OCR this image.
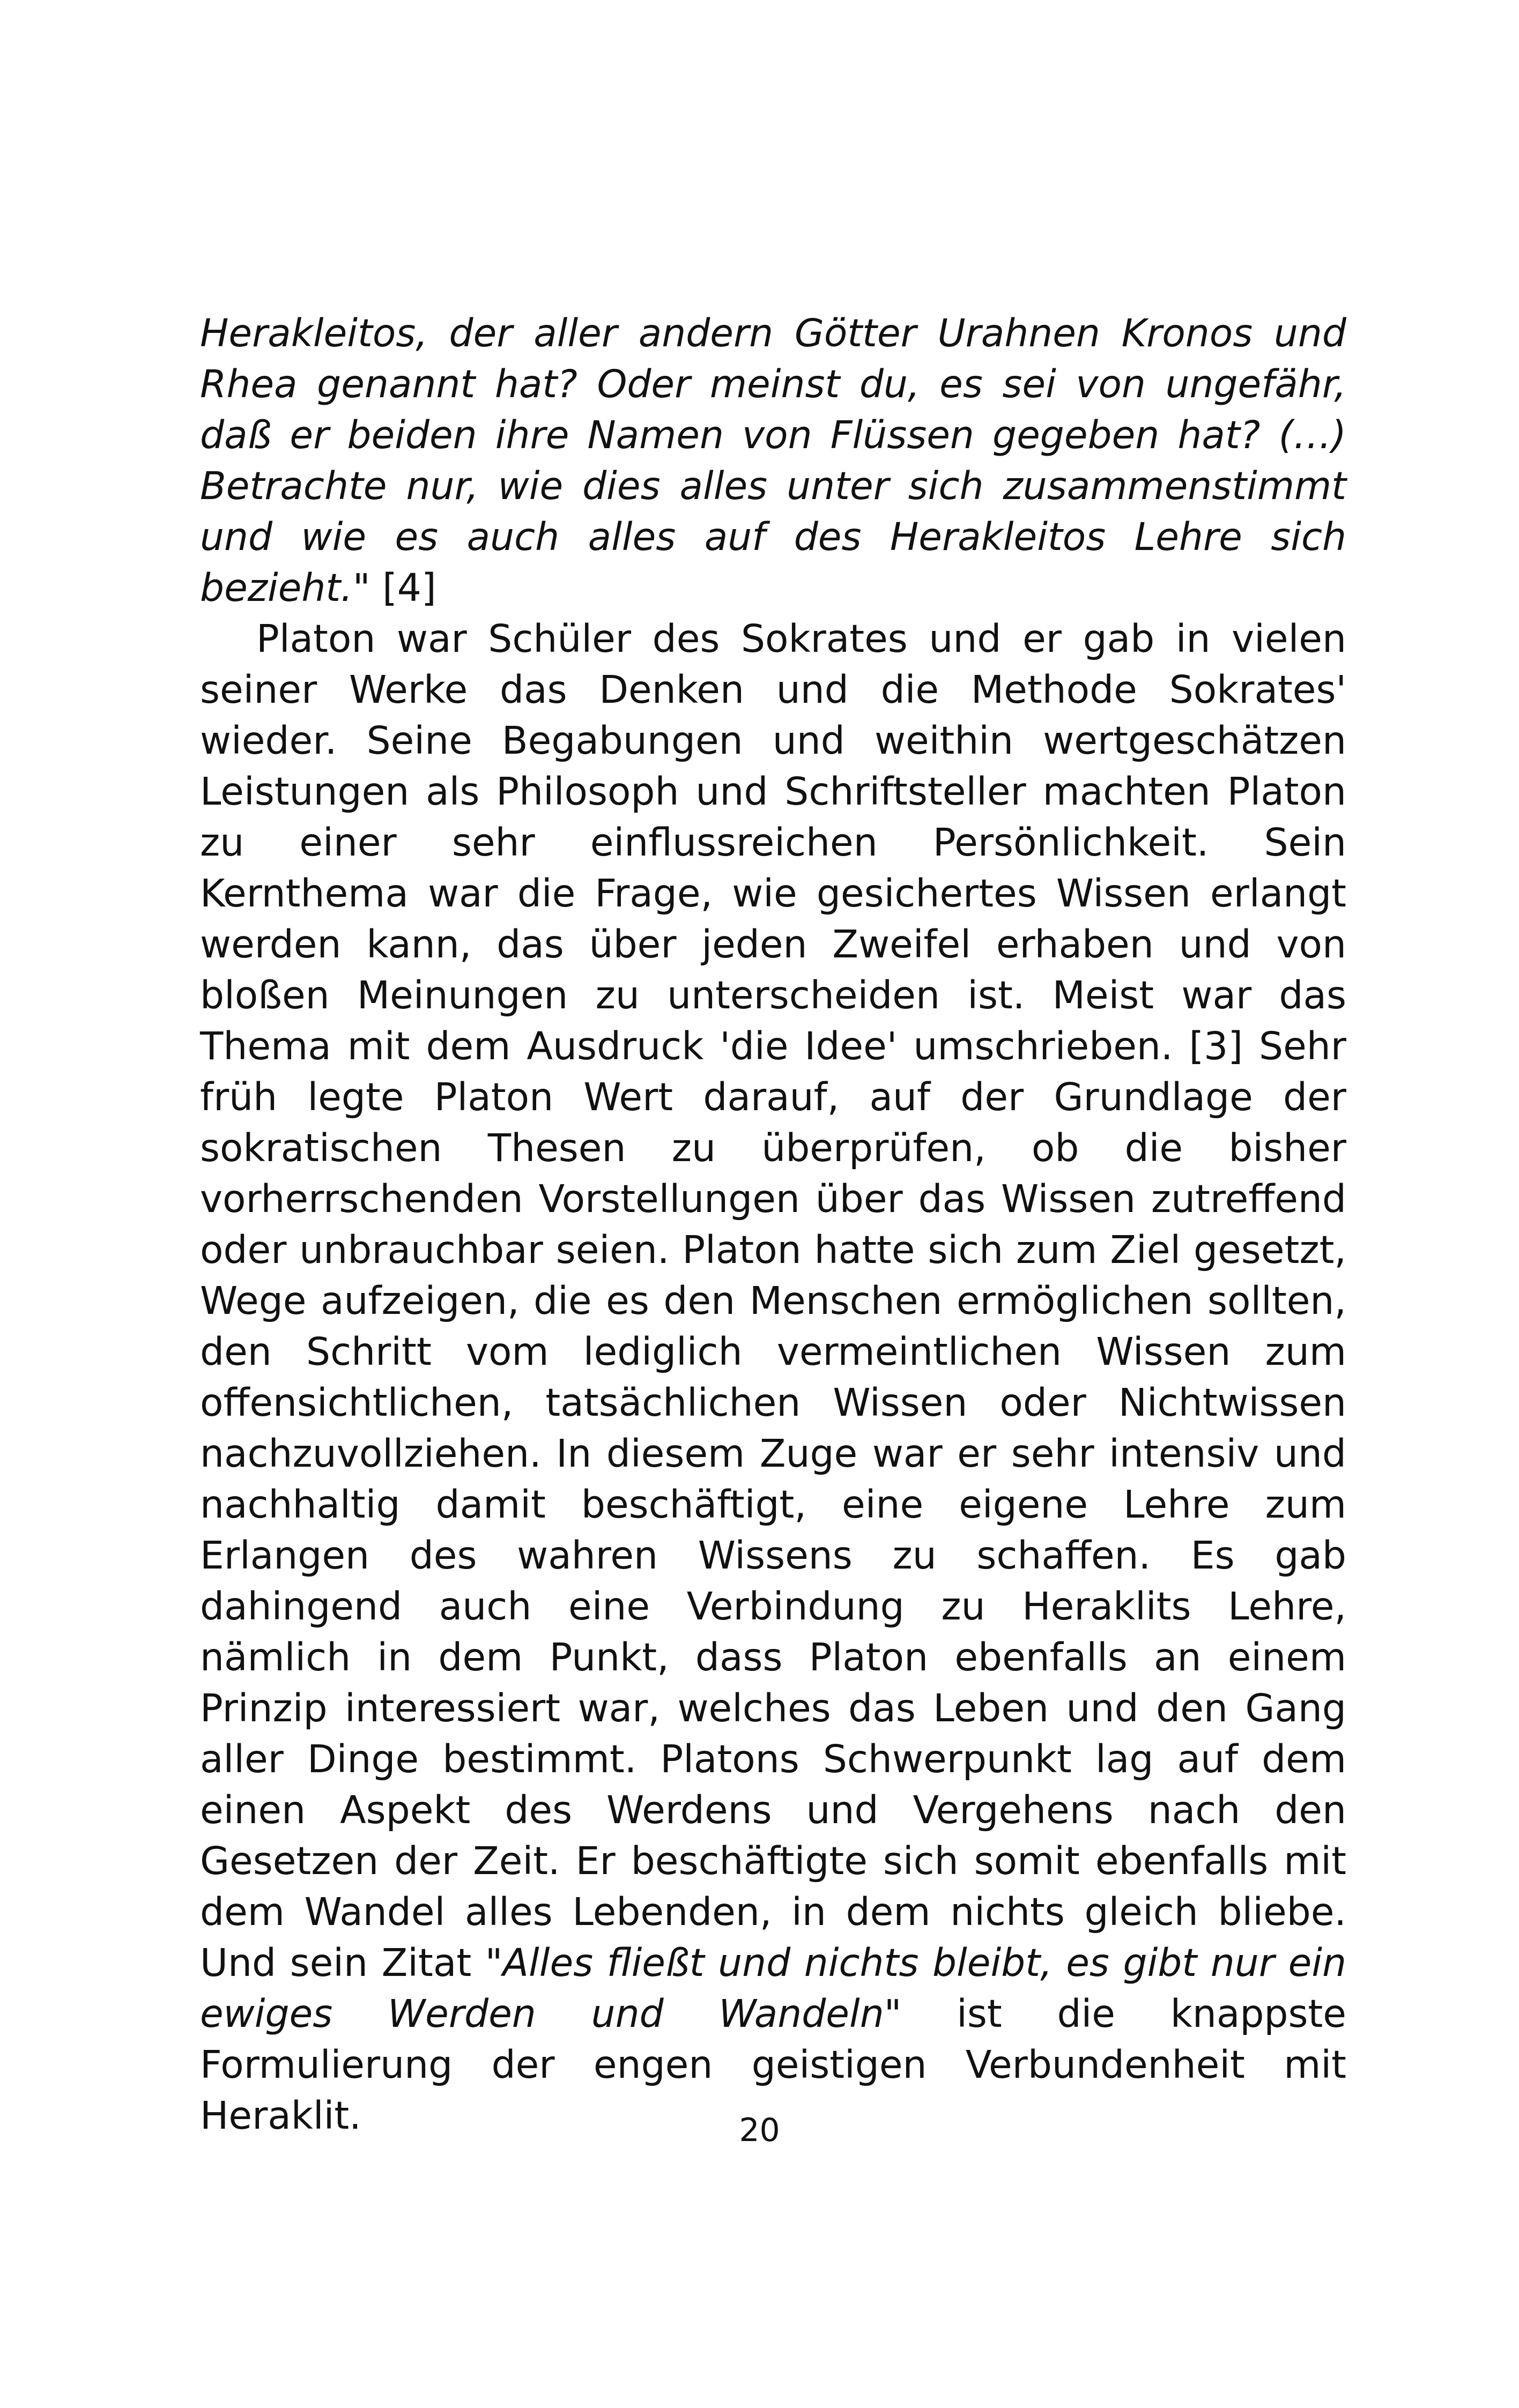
Herakleitos, der aller andern Götter Urahnen Kronos und Rhea genannt hat? Oder meinst du, es sei von ungefähr, daß er beiden ihre Namen von Flüssen gegeben hat? (…) Betrachte nur, wie dies alles unter sich zusammenstimmt und wie es auch alles auf des Herakleitos Lehre sich bezieht." [4]

Platon war Schüler des Sokrates und er gab in vielen seiner Werke das Denken und die Methode Sokrates' wieder. Seine Begabungen und weithin wertgeschätzen Leistungen als Philosoph und Schriftsteller machten Platon zu einer sehr einflussreichen Persönlichkeit. Sein Kernthema war die Frage, wie gesichertes Wissen erlangt werden kann, das über jeden Zweifel erhaben und von bloßen Meinungen zu unterscheiden ist. Meist war das Thema mit dem Ausdruck 'die Idee' umschrieben. [3] Sehr früh legte Platon Wert darauf, auf der Grundlage der sokratischen Thesen zu überprüfen, ob die bisher vorherrschenden Vorstellungen über das Wissen zutreffend oder unbrauchbar seien. Platon hatte sich zum Ziel gesetzt, Wege aufzeigen, die es den Menschen ermöglichen sollten, den Schritt vom lediglich vermeintlichen Wissen zum offensichtlichen, tatsächlichen Wissen oder Nichtwissen nachzuvollziehen. In diesem Zuge war er sehr intensiv und nachhaltig damit beschäftigt, eine eigene Lehre zum Erlangen des wahren Wissens zu schaffen. Es gab dahingend auch eine Verbindung zu Heraklits Lehre, nämlich in dem Punkt, dass Platon ebenfalls an einem Prinzip interessiert war, welches das Leben und den Gang aller Dinge bestimmt. Platons Schwerpunkt lag auf dem einen Aspekt des Werdens und Vergehens nach den Gesetzen der Zeit. Er beschäftigte sich somit ebenfalls mit dem Wandel alles Lebenden, in dem nichts gleich bliebe. Und sein Zitat "Alles fließt und nichts bleibt, es gibt nur ein ewiges Werden und Wandeln" ist die knappste Formulierung der engen geistigen Verbundenheit mit Heraklit.	20
